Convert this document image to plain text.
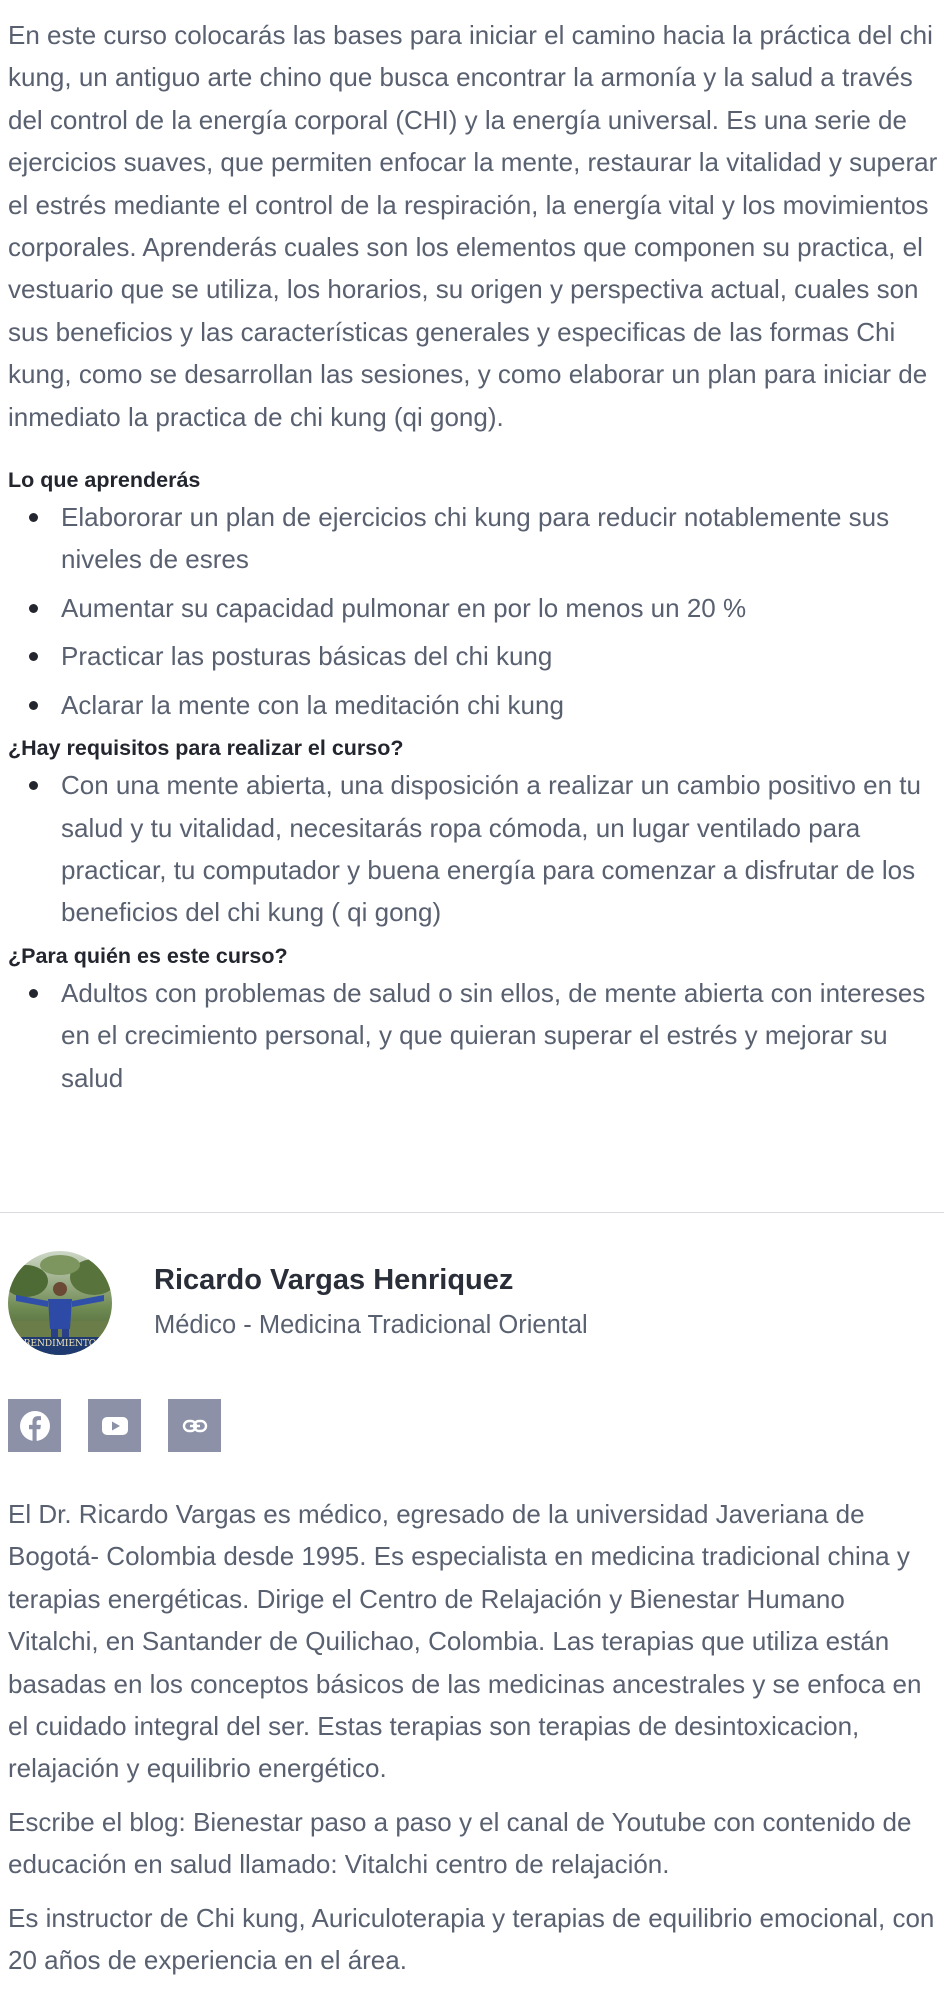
En este curso colocarás las bases para iniciar el camino hacia la práctica del chi kung, un antiguo arte chino que busca encontrar la armonía y la salud a través del control de la energía corporal (CHI) y la energía universal. Es una serie de ejercicios suaves, que permiten enfocar la mente, restaurar la vitalidad y superar el estrés mediante el control de la respiración, la energía vital y los movimientos corporales. Aprenderás cuales son los elementos que componen su practica, el vestuario que se utiliza, los horarios, su origen y perspectiva actual, cuales son sus beneficios y las características generales y especificas de las formas Chi kung, como se desarrollan las sesiones, y como elaborar un plan para iniciar de inmediato la practica de chi kung (qi gong).

Lo que aprenderás
Elabororar un plan de ejercicios chi kung para reducir notablemente sus niveles de esres
Aumentar su capacidad pulmonar en por lo menos un 20 %
Practicar las posturas básicas del chi kung
Aclarar la mente con la meditación chi kung
¿Hay requisitos para realizar el curso?
Con una mente abierta, una disposición a realizar un cambio positivo en tu salud y tu vitalidad, necesitarás ropa cómoda, un lugar ventilado para practicar, tu computador y buena energía para comenzar a disfrutar de los beneficios del chi kung ( qi gong)
¿Para quién es este curso?
Adultos con problemas de salud o sin ellos, de mente abierta con intereses en el crecimiento personal, y que quieran superar el estrés y mejorar su salud
RENDIMIENTO
Ricardo Vargas Henriquez

Médico - Medicina Tradicional Oriental

El Dr. Ricardo Vargas es médico, egresado de la universidad Javeriana de Bogotá- Colombia desde 1995. Es especialista en medicina tradicional china y terapias energéticas. Dirige el Centro de Relajación y Bienestar Humano Vitalchi, en Santander de Quilichao, Colombia. Las terapias que utiliza están basadas en los conceptos básicos de las medicinas ancestrales y se enfoca en el cuidado integral del ser. Estas terapias son terapias de desintoxicacion, relajación y equilibrio energético.

Escribe el blog: Bienestar paso a paso y el canal de Youtube con contenido de educación en salud llamado: Vitalchi centro de relajación.

Es instructor de Chi kung, Auriculoterapia y terapias de equilibrio emocional, con 20 años de experiencia en el área.
